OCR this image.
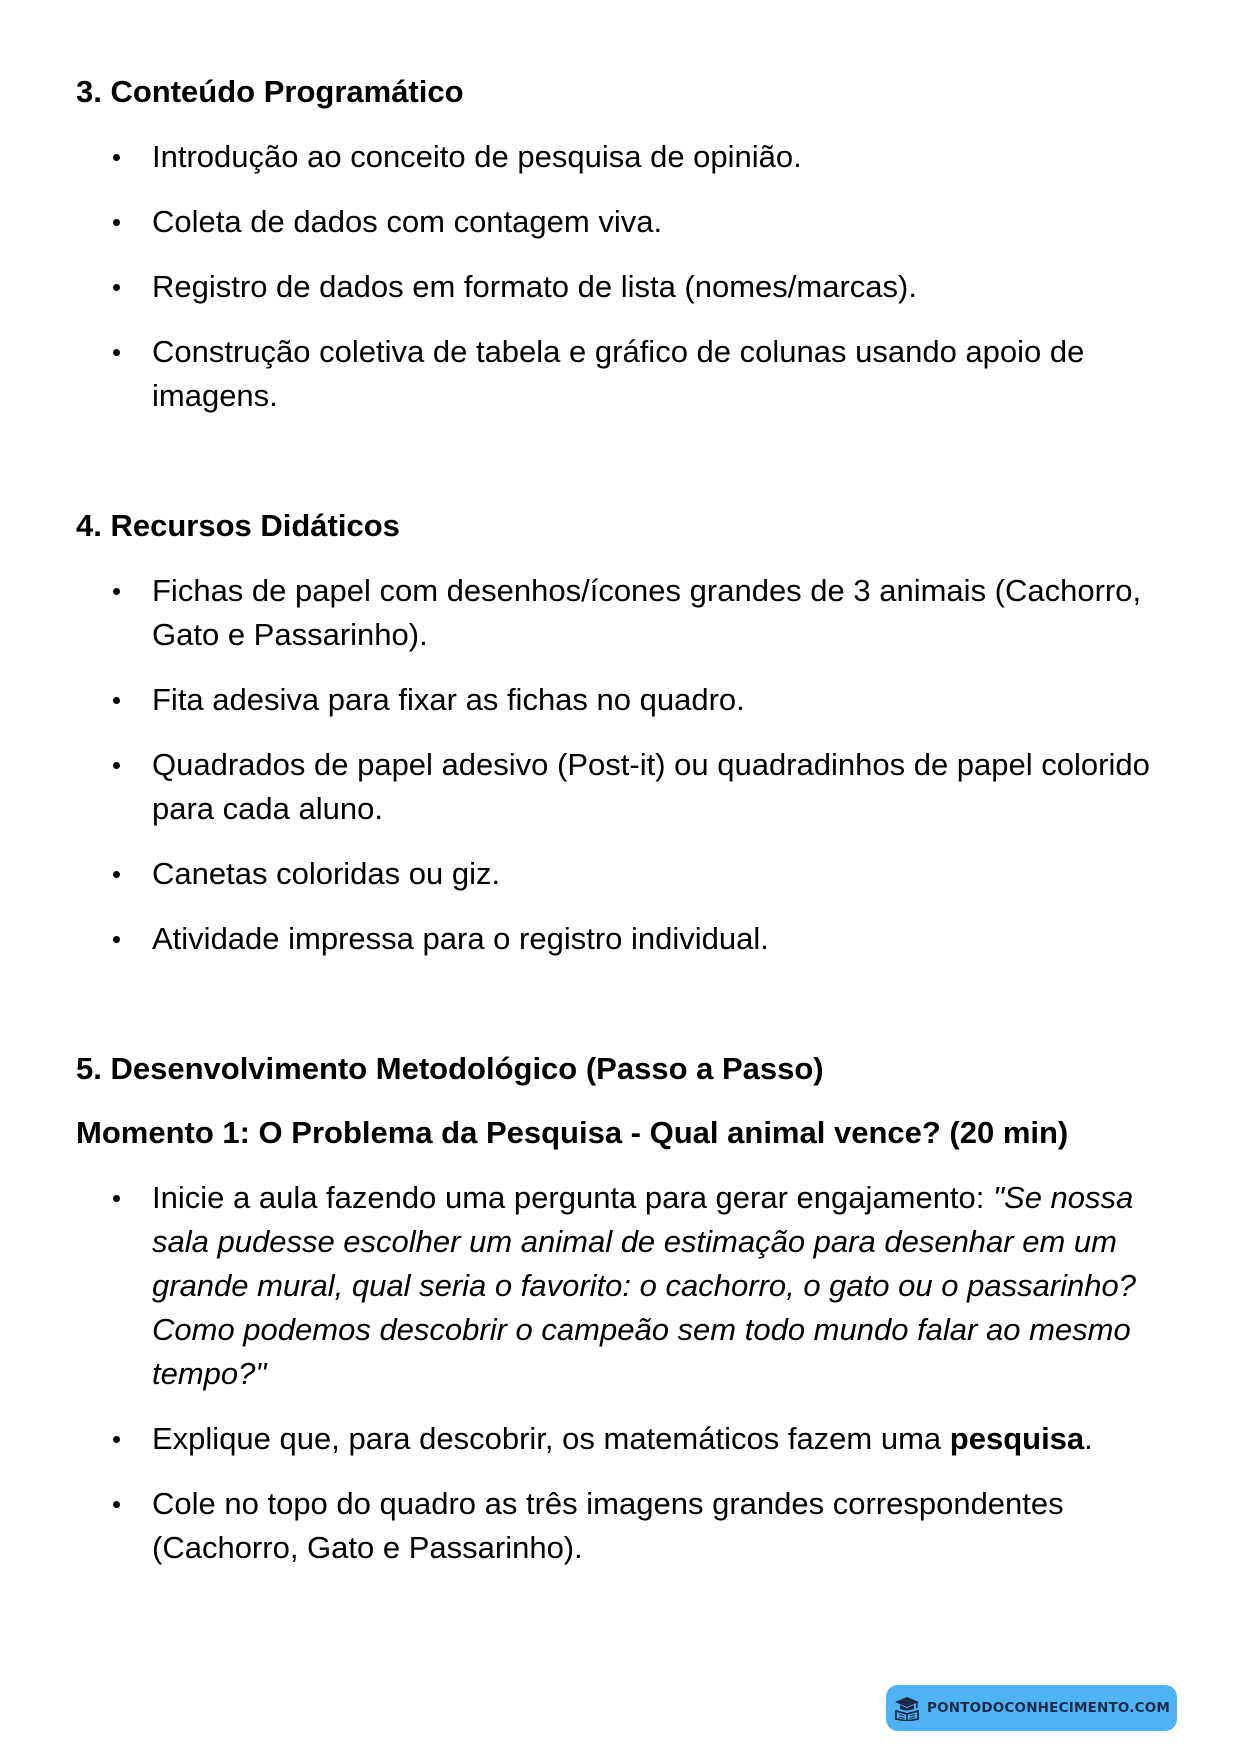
3. Conteúdo Programático
Introdução ao conceito de pesquisa de opinião.
Coleta de dados com contagem viva.
Registro de dados em formato de lista (nomes/marcas).
Construção coletiva de tabela e gráfico de colunas usando apoio de imagens.
4. Recursos Didáticos
Fichas de papel com desenhos/ícones grandes de 3 animais (Cachorro, Gato e Passarinho).
Fita adesiva para fixar as fichas no quadro.
Quadrados de papel adesivo (Post-it) ou quadradinhos de papel colorido para cada aluno.
Canetas coloridas ou giz.
Atividade impressa para o registro individual.
5. Desenvolvimento Metodológico (Passo a Passo)
Momento 1: O Problema da Pesquisa - Qual animal vence? (20 min)
Inicie a aula fazendo uma pergunta para gerar engajamento: "Se nossa sala pudesse escolher um animal de estimação para desenhar em um grande mural, qual seria o favorito: o cachorro, o gato ou o passarinho? Como podemos descobrir o campeão sem todo mundo falar ao mesmo tempo?"
Explique que, para descobrir, os matemáticos fazem uma pesquisa.
Cole no topo do quadro as três imagens grandes correspondentes (Cachorro, Gato e Passarinho).
PONTODOCONHECIMENTO.COM
